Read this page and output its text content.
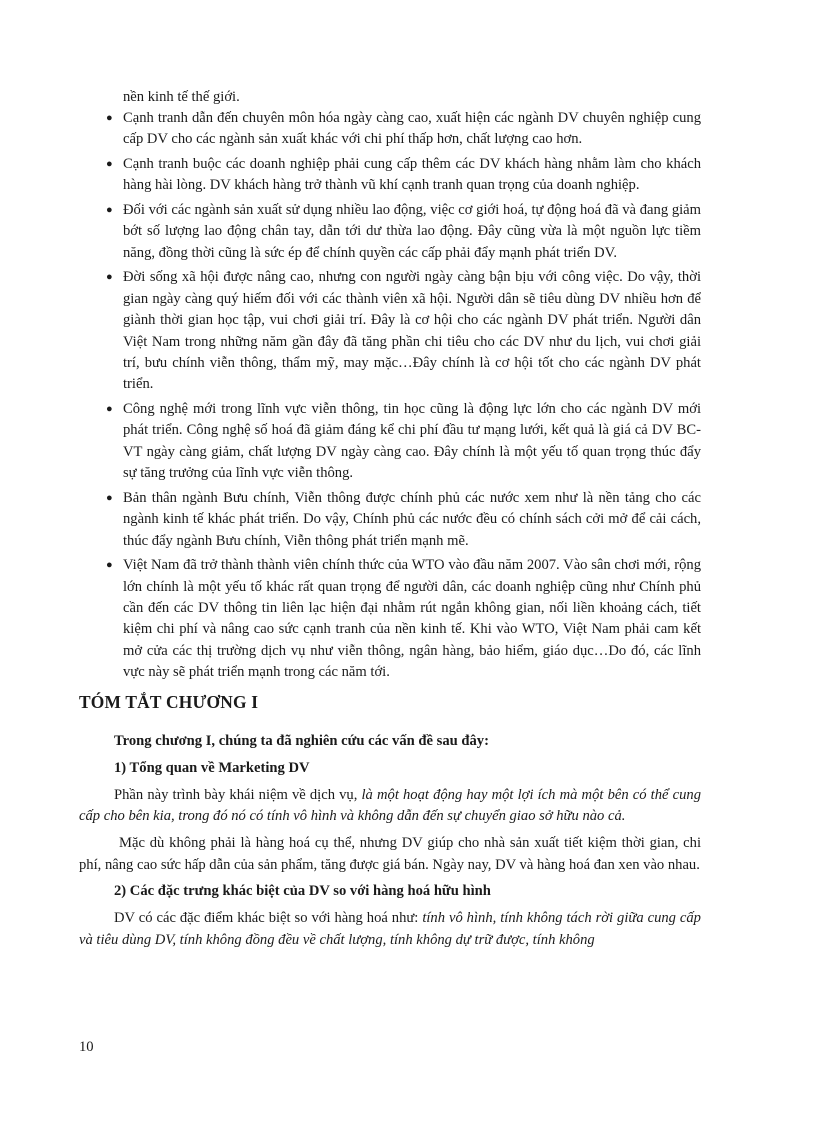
nền kinh tế thế giới.
● Cạnh tranh dẫn đến chuyên môn hóa ngày càng cao, xuất hiện các ngành DV chuyên nghiệp cung cấp DV cho các ngành sản xuất khác với chi phí thấp hơn, chất lượng cao hơn.
● Cạnh tranh buộc các doanh nghiệp phải cung cấp thêm các DV khách hàng nhằm làm cho khách hàng hài lòng. DV khách hàng trở thành vũ khí cạnh tranh quan trọng của doanh nghiệp.
● Đối với các ngành sản xuất sử dụng nhiều lao động, việc cơ giới hoá, tự động hoá đã và đang giảm bớt số lượng lao động chân tay, dẫn tới dư thừa lao động. Đây cũng vừa là một nguồn lực tiềm năng, đồng thời cũng là sức ép để chính quyền các cấp phải đẩy mạnh phát triển DV.
● Đời sống xã hội được nâng cao, nhưng con người ngày càng bận bịu với công việc. Do vậy, thời gian ngày càng quý hiếm đối với các thành viên xã hội. Người dân sẽ tiêu dùng DV nhiều hơn để giành thời gian học tập, vui chơi giải trí. Đây là cơ hội cho các ngành DV phát triển. Người dân Việt Nam trong những năm gần đây đã tăng phần chi tiêu cho các DV như du lịch, vui chơi giải trí, bưu chính viễn thông, thẩm mỹ, may mặc…Đây chính là cơ hội tốt cho các ngành DV phát triển.
● Công nghệ mới trong lĩnh vực viễn thông, tin học cũng là động lực lớn cho các ngành DV mới phát triển. Công nghệ số hoá đã giảm đáng kể chi phí đầu tư mạng lưới, kết quả là giá cả DV BC-VT ngày càng giảm, chất lượng DV ngày càng cao. Đây chính là một yếu tố quan trọng thúc đẩy sự tăng trưởng của lĩnh vực viễn thông.
● Bản thân ngành Bưu chính, Viễn thông được chính phủ các nước xem như là nền tảng cho các ngành kinh tế khác phát triển. Do vậy, Chính phủ các nước đều có chính sách cởi mở để cải cách, thúc đẩy ngành Bưu chính, Viễn thông phát triển mạnh mẽ.
● Việt Nam đã trở thành thành viên chính thức của WTO vào đầu năm 2007. Vào sân chơi mới, rộng lớn chính là một yếu tố khác rất quan trọng để người dân, các doanh nghiệp cũng như Chính phủ cần đến các DV thông tin liên lạc hiện đại nhằm rút ngắn không gian, nối liền khoảng cách, tiết kiệm chi phí và nâng cao sức cạnh tranh của nền kinh tế. Khi vào WTO, Việt Nam phải cam kết mở cửa các thị trường dịch vụ như viễn thông, ngân hàng, bảo hiểm, giáo dục…Do đó, các lĩnh vực này sẽ phát triển mạnh trong các năm tới.
TÓM TẮT CHƯƠNG I
Trong chương I, chúng ta đã nghiên cứu các vấn đề sau đây:
1) Tổng quan về Marketing DV

Phần này trình bày khái niệm về dịch vụ, là một hoạt động hay một lợi ích mà một bên có thể cung cấp cho bên kia, trong đó nó có tính vô hình và không dẫn đến sự chuyển giao sở hữu nào cả.

Mặc dù không phải là hàng hoá cụ thể, nhưng DV giúp cho nhà sản xuất tiết kiệm thời gian, chi phí, nâng cao sức hấp dẫn của sản phẩm, tăng được giá bán. Ngày nay, DV và hàng hoá đan xen vào nhau.

2) Các đặc trưng khác biệt của DV so với hàng hoá hữu hình

DV có các đặc điểm khác biệt so với hàng hoá như: tính vô hình, tính không tách rời giữa cung cấp và tiêu dùng DV, tính không đồng đều về chất lượng, tính không dự trữ được, tính không

10
